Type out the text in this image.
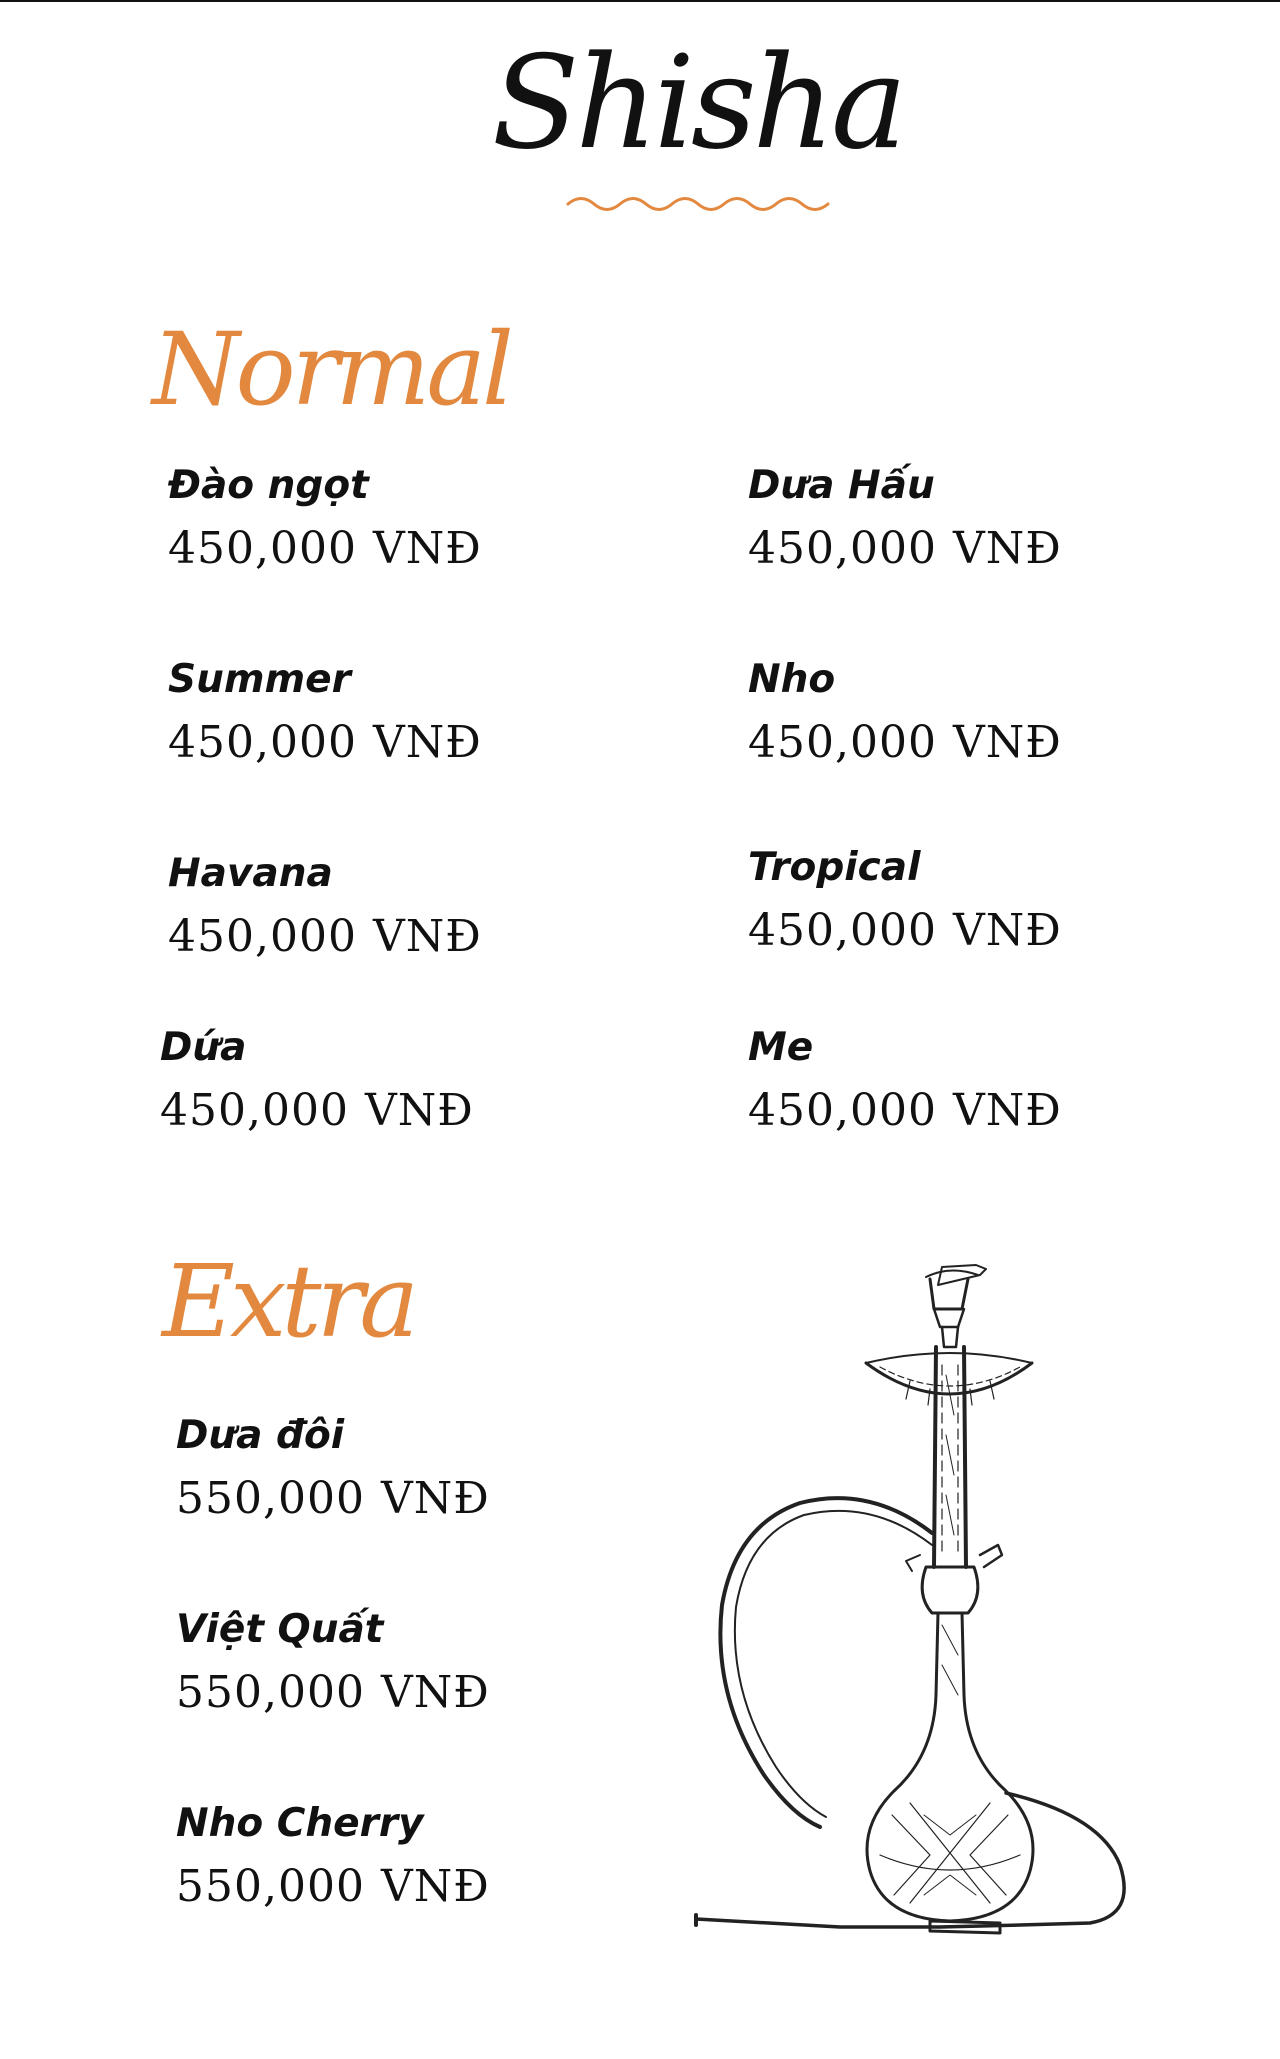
Shisha
Normal
Đào ngọt
450,000 VNĐ
Dưa Hấu
450,000 VNĐ
Summer
450,000 VNĐ
Nho
450,000 VNĐ
Havana
450,000 VNĐ
Tropical
450,000 VNĐ
Dứa
450,000 VNĐ
Me
450,000 VNĐ
Extra
Dưa đôi
550,000 VNĐ
Việt Quất
550,000 VNĐ
Nho Cherry
550,000 VNĐ
